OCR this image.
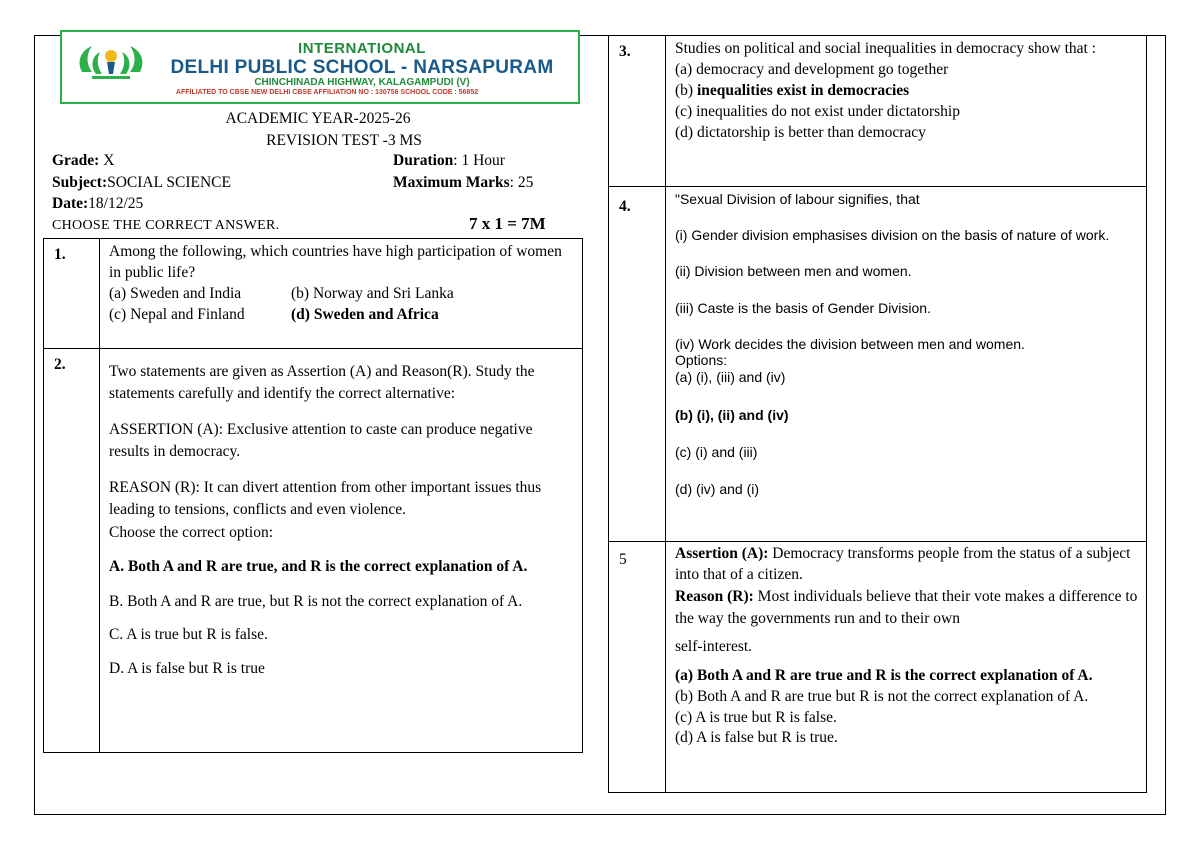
INTERNATIONAL
DELHI PUBLIC SCHOOL - NARSAPURAM
CHINCHINADA HIGHWAY, KALAGAMPUDI (V)
AFFILIATED TO CBSE NEW DELHI CBSE AFFILIATION NO : 130756 SCHOOL CODE : 56852
ACADEMIC YEAR-2025-26
REVISION TEST -3 MS
Grade: X	Duration: 1 Hour
Subject:SOCIAL SCIENCE	Maximum Marks: 25
Date:18/12/25
CHOOSE THE CORRECT ANSWER.	7 x 1 = 7M
1.	Among the following, which countries have high participation of women in public life?
(a) Sweden and India	(b) Norway and Sri Lanka
(c) Nepal and Finland	(d) Sweden and Africa
2.	Two statements are given as Assertion (A) and Reason(R). Study the statements carefully and identify the correct alternative:
ASSERTION (A): Exclusive attention to caste can produce negative results in democracy.
REASON (R): It can divert attention from other important issues thus leading to tensions, conflicts and even violence.
Choose the correct option:
A. Both A and R are true, and R is the correct explanation of A.
B. Both A and R are true, but R is not the correct explanation of A.
C. A is true but R is false.
D. A is false but R is true
3.	Studies on political and social inequalities in democracy show that :
(a) democracy and development go together
(b) inequalities exist in democracies
(c) inequalities do not exist under dictatorship
(d) dictatorship is better than democracy
4.	"Sexual Division of labour signifies, that
(i) Gender division emphasises division on the basis of nature of work.
(ii) Division between men and women.
(iii) Caste is the basis of Gender Division.
(iv) Work decides the division between men and women.
Options:
(a) (i), (iii) and (iv)
(b) (i), (ii) and (iv)
(c) (i) and (iii)
(d) (iv) and (i)
5	Assertion (A): Democracy transforms people from the status of a subject into that of a citizen.
Reason (R): Most individuals believe that their vote makes a difference to the way the governments run and to their own
self-interest.
(a) Both A and R are true and R is the correct explanation of A.
(b) Both A and R are true but R is not the correct explanation of A.
(c) A is true but R is false.
(d) A is false but R is true.
